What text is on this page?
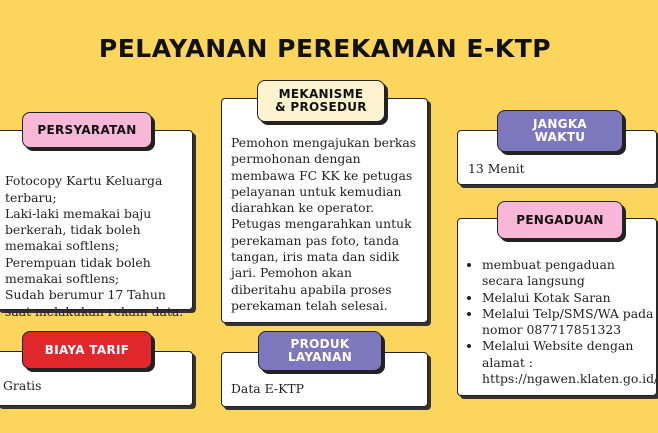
PELAYANAN PEREKAMAN E-KTP

Fotocopy Kartu Keluarga terbaru;
Laki-laki memakai baju berkerah, tidak boleh memakai softlens;
Perempuan tidak boleh memakai softlens;
Sudah berumur 17 Tahun saat melakukan rekam data.

PERSYARATAN

Gratis

BIAYA TARIF

Pemohon mengajukan berkas permohonan dengan membawa FC KK ke petugas pelayanan untuk kemudian diarahkan ke operator. Petugas mengarahkan untuk perekaman pas foto, tanda tangan, iris mata dan sidik jari. Pemohon akan diberitahu apabila proses perekaman telah selesai.

MEKANISME
& PROSEDUR

Data E-KTP

PRODUK
LAYANAN

13 Menit

JANGKA
WAKTU
• membuat pengaduan secara langsung
• Melalui Kotak Saran
• Melalui Telp/SMS/WA pada nomor 087717851323
• Melalui Website dengan alamat : https://ngawen.klaten.go.id/
PENGADUAN
